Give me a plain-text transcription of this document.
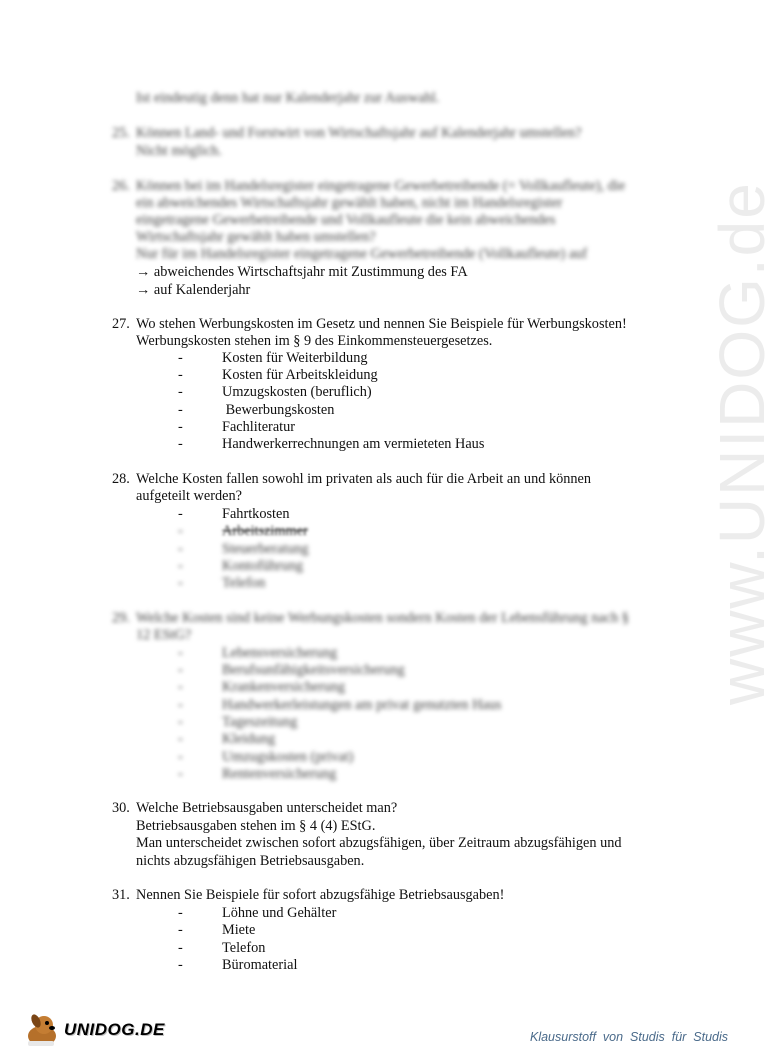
www.UNIDOG.de
Ist eindeutig denn hat nur Kalenderjahr zur Auswahl.
25. Können Land- und Forstwirt von Wirtschaftsjahr auf Kalenderjahr umstellen?
Nicht möglich.
26. Können bei im Handelsregister eingetragene Gewerbetreibende (= Vollkaufleute), die
ein abweichendes Wirtschaftsjahr gewählt haben, nicht im Handelsregister
eingetragene Gewerbetreibende und Vollkaufleute die kein abweichendes
Wirtschaftsjahr gewählt haben umstellen?
Nur für im Handelsregister eingetragene Gewerbetreibende (Vollkaufleute) auf
→ abweichendes Wirtschaftsjahr mit Zustimmung des FA
→ auf Kalenderjahr
27. Wo stehen Werbungskosten im Gesetz und nennen Sie Beispiele für Werbungskosten!
Werbungskosten stehen im § 9 des Einkommensteuergesetzes.
-	Kosten für Weiterbildung
-	Kosten für Arbeitskleidung
-	Umzugskosten (beruflich)
-	Bewerbungskosten
-	Fachliteratur
-	Handwerkerrechnungen am vermieteten Haus
28. Welche Kosten fallen sowohl im privaten als auch für die Arbeit an und können
aufgeteilt werden?
-	Fahrtkosten
-	Arbeitszimmer
-	Steuerberatung
-	Kontoführung
-	Telefon
29. Welche Kosten sind keine Werbungskosten sondern Kosten der Lebensführung nach §
12 EStG?
-	Lebensversicherung
-	Berufsunfähigkeitsversicherung
-	Krankenversicherung
-	Handwerkerleistungen am privat genutzten Haus
-	Tageszeitung
-	Kleidung
-	Umzugskosten (privat)
-	Rentenversicherung
30. Welche Betriebsausgaben unterscheidet man?
Betriebsausgaben stehen im § 4 (4) EStG.
Man unterscheidet zwischen sofort abzugsfähigen, über Zeitraum abzugsfähigen und
nichts abzugsfähigen Betriebsausgaben.
31. Nennen Sie Beispiele für sofort abzugsfähige Betriebsausgaben!
-	Löhne und Gehälter
-	Miete
-	Telefon
-	Büromaterial
UNIDOG.DE	Klausurstoff  von  Studis  für  Studis
